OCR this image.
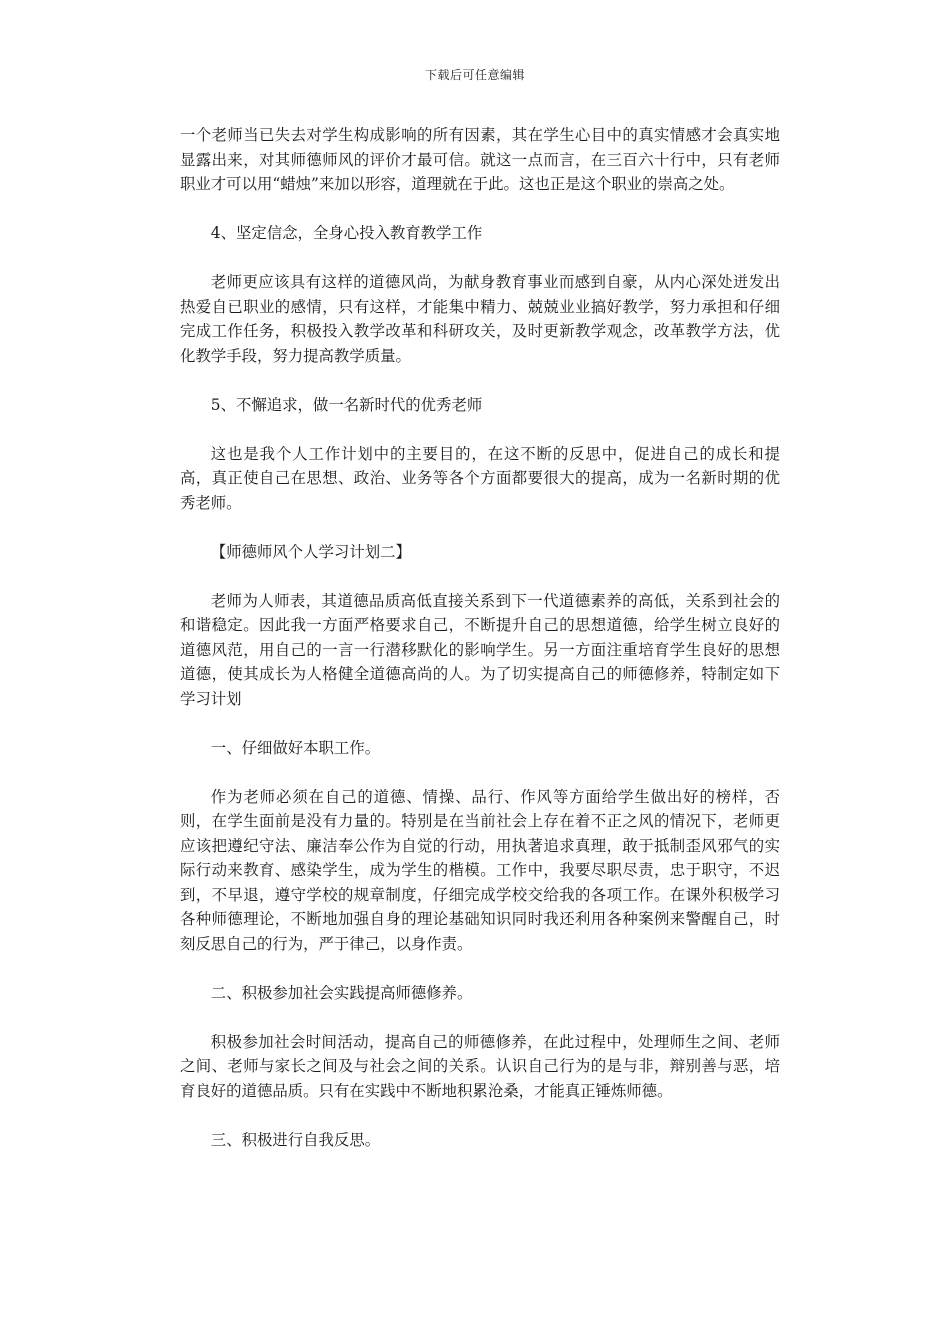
下载后可任意编辑

一个老师当已失去对学生构成影响的所有因素，其在学生心目中的真实情感才会真实地显露出来，对其师德师风的评价才最可信。就这一点而言，在三百六十行中，只有老师职业才可以用“蜡烛”来加以形容，道理就在于此。这也正是这个职业的崇高之处。

4、坚定信念，全身心投入教育教学工作

老师更应该具有这样的道德风尚，为献身教育事业而感到自豪，从内心深处迸发出热爱自已职业的感情，只有这样，才能集中精力、兢兢业业搞好教学，努力承担和仔细完成工作任务，积极投入教学改革和科研攻关，及时更新教学观念，改革教学方法，优化教学手段，努力提高教学质量。

5、不懈追求，做一名新时代的优秀老师

这也是我个人工作计划中的主要目的，在这不断的反思中，促进自己的成长和提高，真正使自己在思想、政治、业务等各个方面都要很大的提高，成为一名新时期的优秀老师。

【师德师风个人学习计划二】

老师为人师表，其道德品质高低直接关系到下一代道德素养的高低，关系到社会的和谐稳定。因此我一方面严格要求自己，不断提升自己的思想道德，给学生树立良好的道德风范，用自己的一言一行潜移默化的影响学生。另一方面注重培育学生良好的思想道德，使其成长为人格健全道德高尚的人。为了切实提高自己的师德修养，特制定如下学习计划

一、仔细做好本职工作。

作为老师必须在自己的道德、情操、品行、作风等方面给学生做出好的榜样，否则，在学生面前是没有力量的。特别是在当前社会上存在着不正之风的情况下，老师更应该把遵纪守法、廉洁奉公作为自觉的行动，用执著追求真理，敢于抵制歪风邪气的实际行动来教育、感染学生，成为学生的楷模。工作中，我要尽职尽责，忠于职守，不迟到，不早退，遵守学校的规章制度，仔细完成学校交给我的各项工作。在课外积极学习各种师德理论，不断地加强自身的理论基础知识同时我还利用各种案例来警醒自己，时刻反思自己的行为，严于律己，以身作责。

二、积极参加社会实践提高师德修养。

积极参加社会时间活动，提高自己的师德修养，在此过程中，处理师生之间、老师之间、老师与家长之间及与社会之间的关系。认识自己行为的是与非，辩别善与恶，培育良好的道德品质。只有在实践中不断地积累沧桑，才能真正锤炼师德。

三、积极进行自我反思。
